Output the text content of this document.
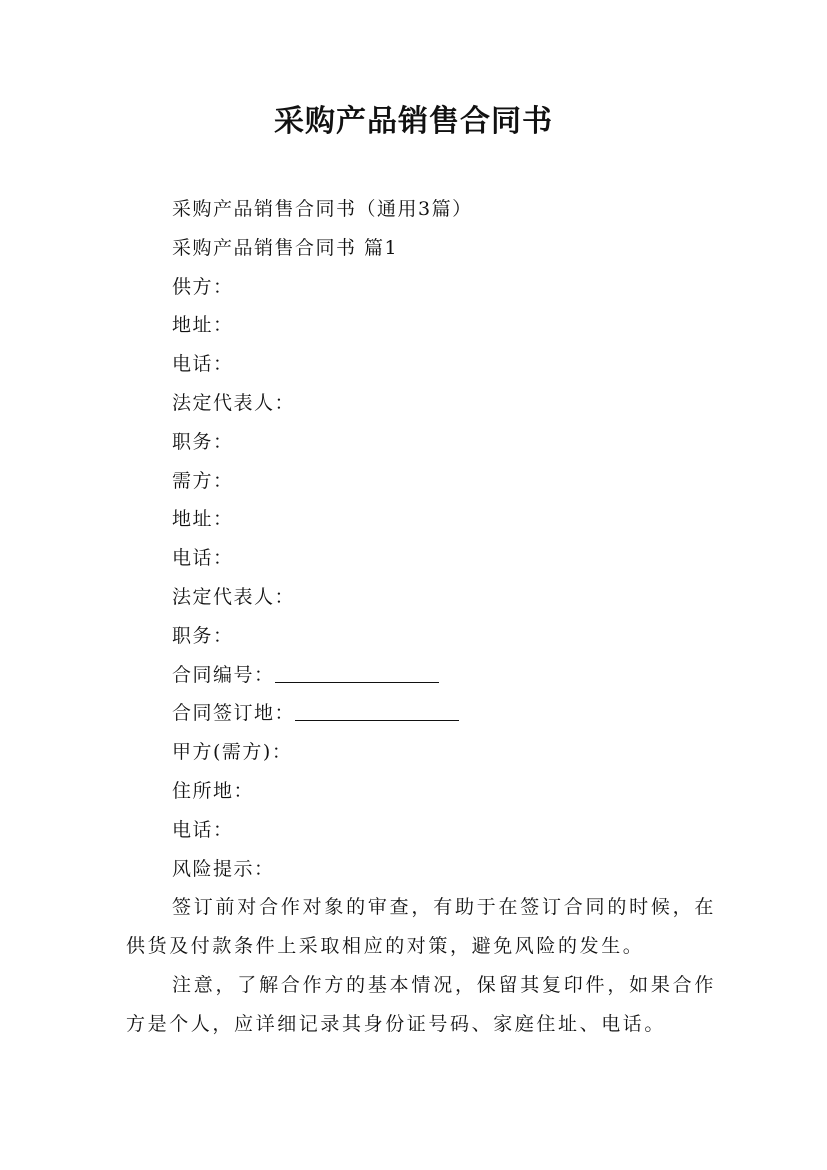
采购产品销售合同书
采购产品销售合同书（通用3篇）
采购产品销售合同书 篇1
供方：
地址：
电话：
法定代表人：
职务：
需方：
地址：
电话：
法定代表人：
职务：
合同编号：
合同签订地：
甲方(需方)：
住所地：
电话：
风险提示：
签订前对合作对象的审查，有助于在签订合同的时候，在供货及付款条件上采取相应的对策，避免风险的发生。
注意，了解合作方的基本情况，保留其复印件，如果合作方是个人，应详细记录其身份证号码、家庭住址、电话。
